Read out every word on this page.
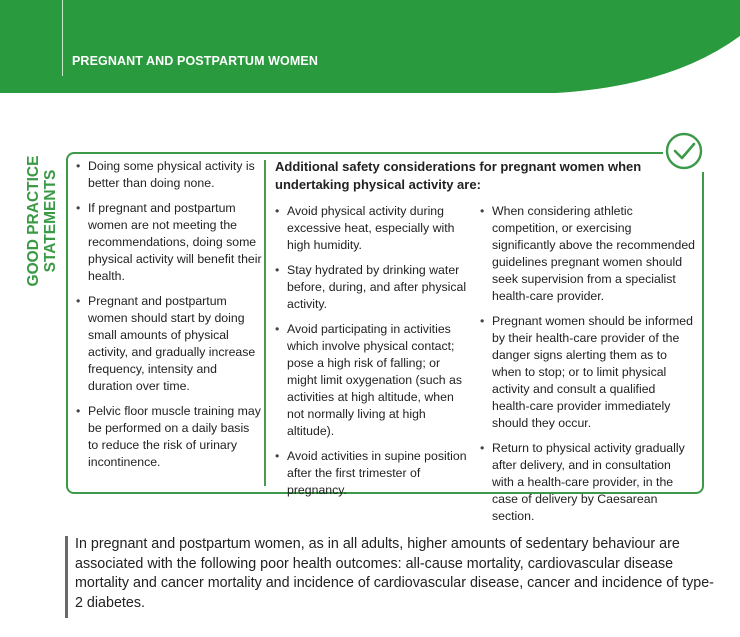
PREGNANT AND POSTPARTUM WOMEN
GOOD PRACTICE STATEMENTS
• Doing some physical activity is better than doing none.
• If pregnant and postpartum women are not meeting the recommendations, doing some physical activity will benefit their health.
• Pregnant and postpartum women should start by doing small amounts of physical activity, and gradually increase frequency, intensity and duration over time.
• Pelvic floor muscle training may be performed on a daily basis to reduce the risk of urinary incontinence.
Additional safety considerations for pregnant women when undertaking physical activity are:
• Avoid physical activity during excessive heat, especially with high humidity.
• Stay hydrated by drinking water before, during, and after physical activity.
• Avoid participating in activities which involve physical contact; pose a high risk of falling; or might limit oxygenation (such as activities at high altitude, when not normally living at high altitude).
• Avoid activities in supine position after the first trimester of pregnancy.
• When considering athletic competition, or exercising significantly above the recommended guidelines pregnant women should seek supervision from a specialist health-care provider.
• Pregnant women should be informed by their health-care provider of the danger signs alerting them as to when to stop; or to limit physical activity and consult a qualified health-care provider immediately should they occur.
• Return to physical activity gradually after delivery, and in consultation with a health-care provider, in the case of delivery by Caesarean section.
In pregnant and postpartum women, as in all adults, higher amounts of sedentary behaviour are associated with the following poor health outcomes: all-cause mortality, cardiovascular disease mortality and cancer mortality and incidence of cardiovascular disease, cancer and incidence of type-2 diabetes.
